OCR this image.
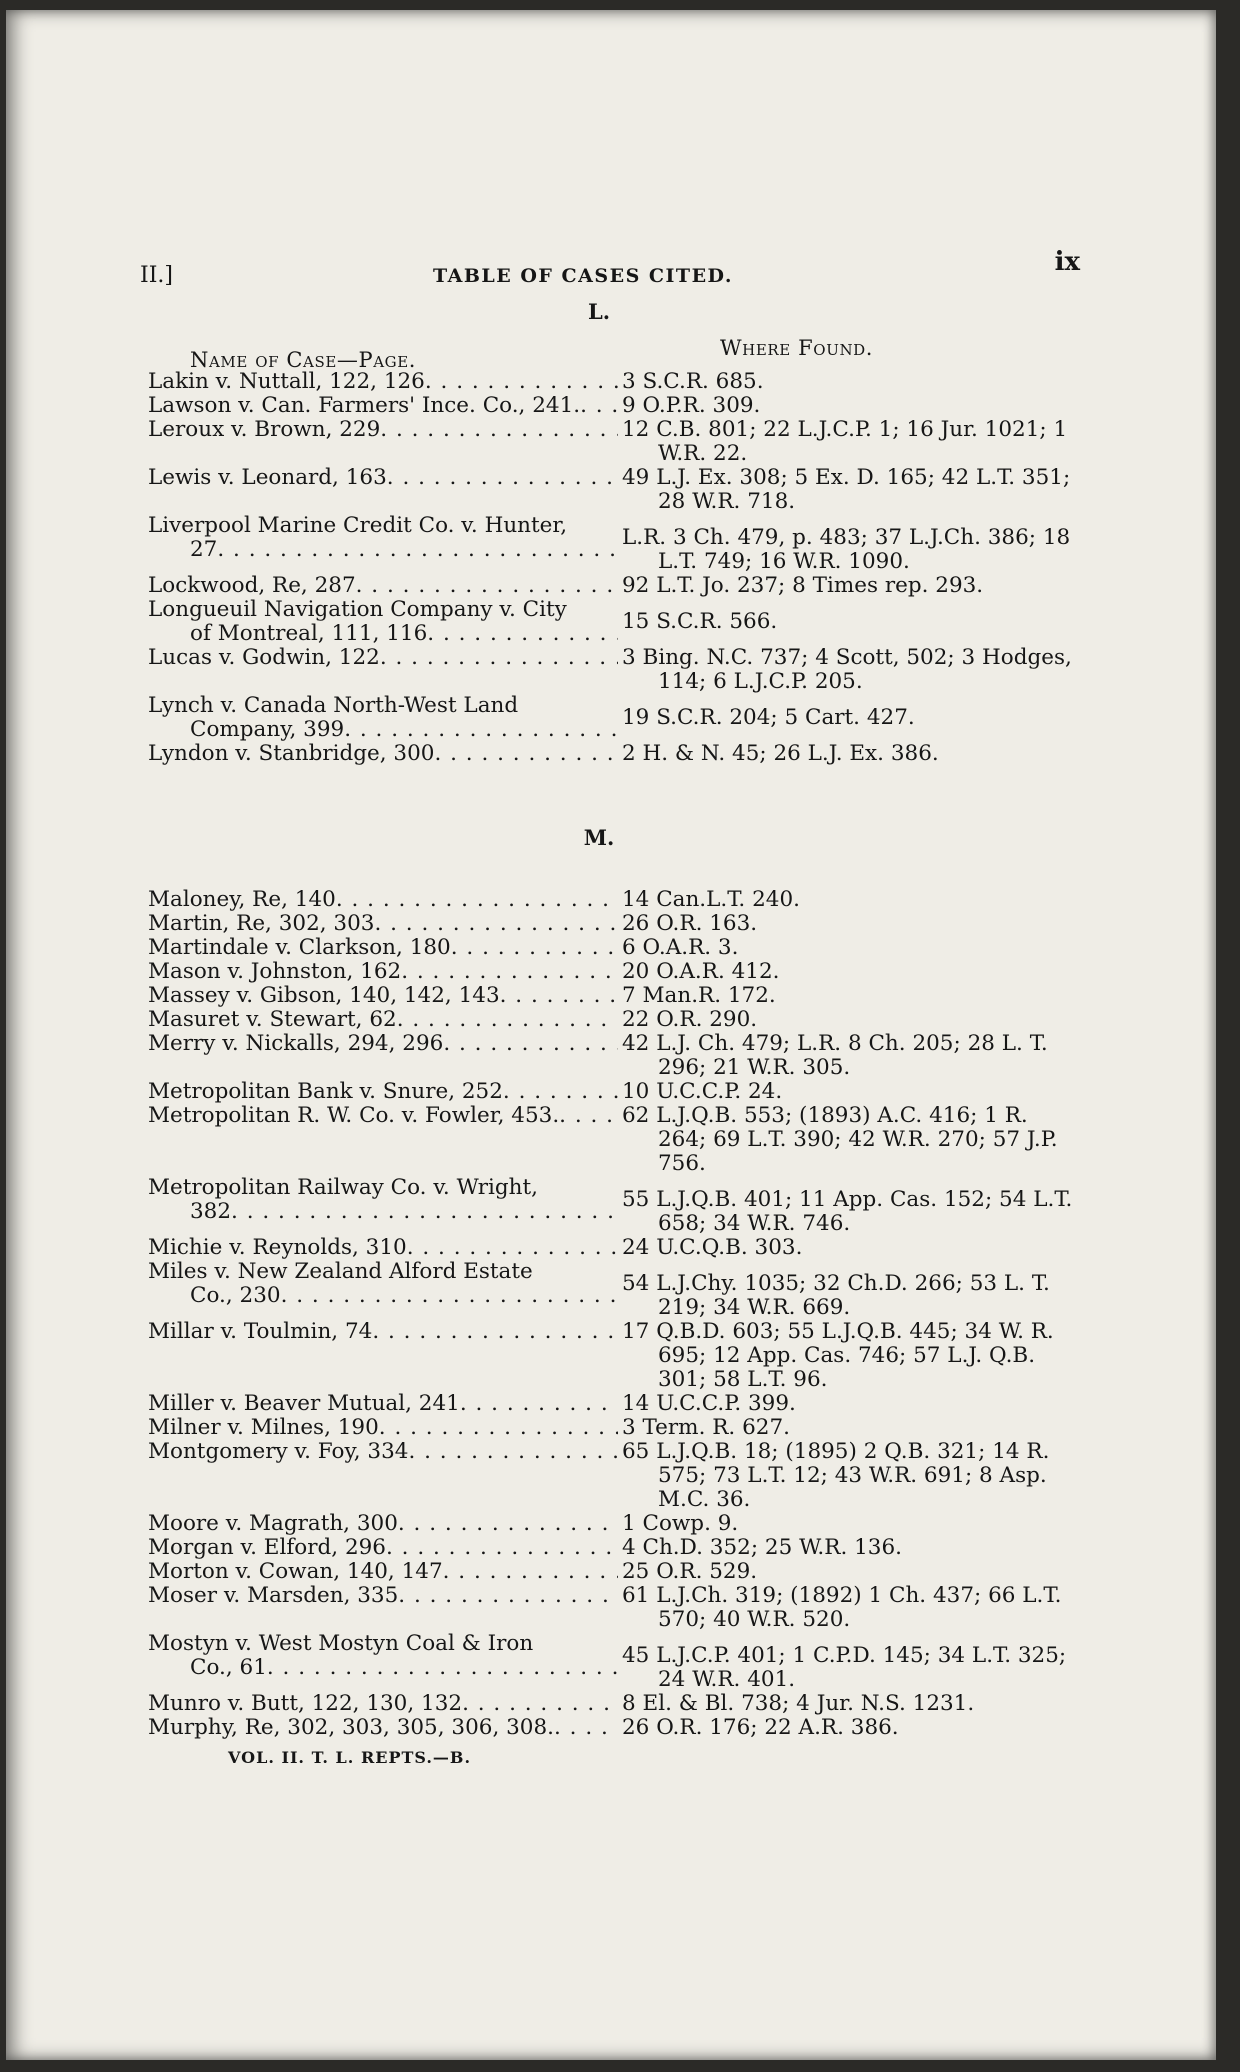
II.]	TABLE OF CASES CITED.	ix
L.
Name of Case—Page.	Where Found.
Lakin v. Nuttall, 122, 126 . . .	3 S.C.R. 685.
Lawson v. Can. Farmers' Ince. Co., 241. . . . 9 O.P.R. 309.
Leroux v. Brown, 229 . . .	12 C.B. 801; 22 L.J.C.P. 1; 16 Jur. 1021; 1 W.R. 22.
Lewis v. Leonard, 163 . . .	49 L.J. Ex. 308; 5 Ex. D. 165; 42 L.T. 351; 28 W.R. 718.
Liverpool Marine Credit Co. v. Hunter,
27 . . .	L.R. 3 Ch. 479, p. 483; 37 L.J.Ch. 386; 18 L.T. 749; 16 W.R. 1090.
Lockwood, Re, 287 . . .	92 L.T. Jo. 237; 8 Times rep. 293.
Longueuil Navigation Company v. City
of Montreal, 111, 116 . . .	15 S.C.R. 566.
Lucas v. Godwin, 122 . . .	3 Bing. N.C. 737; 4 Scott, 502; 3 Hodges, 114; 6 L.J.C.P. 205.
Lynch v. Canada North-West Land
Company, 399 . . .	19 S.C.R. 204; 5 Cart. 427.
Lyndon v. Stanbridge, 300 . . .	2 H. & N. 45; 26 L.J. Ex. 386.
M.
Maloney, Re, 140 . . .	14 Can.L.T. 240.
Martin, Re, 302, 303 . . .	26 O.R. 163.
Martindale v. Clarkson, 180 . . .	6 O.A.R. 3.
Mason v. Johnston, 162 . . .	20 O.A.R. 412.
Massey v. Gibson, 140, 142, 143 . . .	7 Man.R. 172.
Masuret v. Stewart, 62 . . .	22 O.R. 290.
Merry v. Nickalls, 294, 296 . . .	42 L.J. Ch. 479; L.R. 8 Ch. 205; 28 L. T. 296; 21 W.R. 305.
Metropolitan Bank v. Snure, 252 . . .	10 U.C.C.P. 24.
Metropolitan R. W. Co. v. Fowler, 453. . . .	62 L.J.Q.B. 553; (1893) A.C. 416; 1 R. 264; 69 L.T. 390; 42 W.R. 270; 57 J.P. 756.
Metropolitan Railway Co. v. Wright,
382 . . .	55 L.J.Q.B. 401; 11 App. Cas. 152; 54 L.T. 658; 34 W.R. 746.
Michie v. Reynolds, 310 . . .	24 U.C.Q.B. 303.
Miles v. New Zealand Alford Estate
Co., 230 . . .	54 L.J.Chy. 1035; 32 Ch.D. 266; 53 L. T. 219; 34 W.R. 669.
Millar v. Toulmin, 74 . . .	17 Q.B.D. 603; 55 L.J.Q.B. 445; 34 W. R. 695; 12 App. Cas. 746; 57 L.J. Q.B. 301; 58 L.T. 96.
Miller v. Beaver Mutual, 241 . . .	14 U.C.C.P. 399.
Milner v. Milnes, 190 . . .	3 Term. R. 627.
Montgomery v. Foy, 334 . . .	65 L.J.Q.B. 18; (1895) 2 Q.B. 321; 14 R. 575; 73 L.T. 12; 43 W.R. 691; 8 Asp. M.C. 36.
Moore v. Magrath, 300 . . .	1 Cowp. 9.
Morgan v. Elford, 296 . . .	4 Ch.D. 352; 25 W.R. 136.
Morton v. Cowan, 140, 147 . . .	25 O.R. 529.
Moser v. Marsden, 335 . . .	61 L.J.Ch. 319; (1892) 1 Ch. 437; 66 L.T. 570; 40 W.R. 520.
Mostyn v. West Mostyn Coal & Iron
Co., 61 . . .	45 L.J.C.P. 401; 1 C.P.D. 145; 34 L.T. 325; 24 W.R. 401.
Munro v. Butt, 122, 130, 132 . . .	8 El. & Bl. 738; 4 Jur. N.S. 1231.
Murphy, Re, 302, 303, 305, 306, 308. . . .	26 O.R. 176; 22 A.R. 386.
VOL. II. T. L. REPTS.—B.
